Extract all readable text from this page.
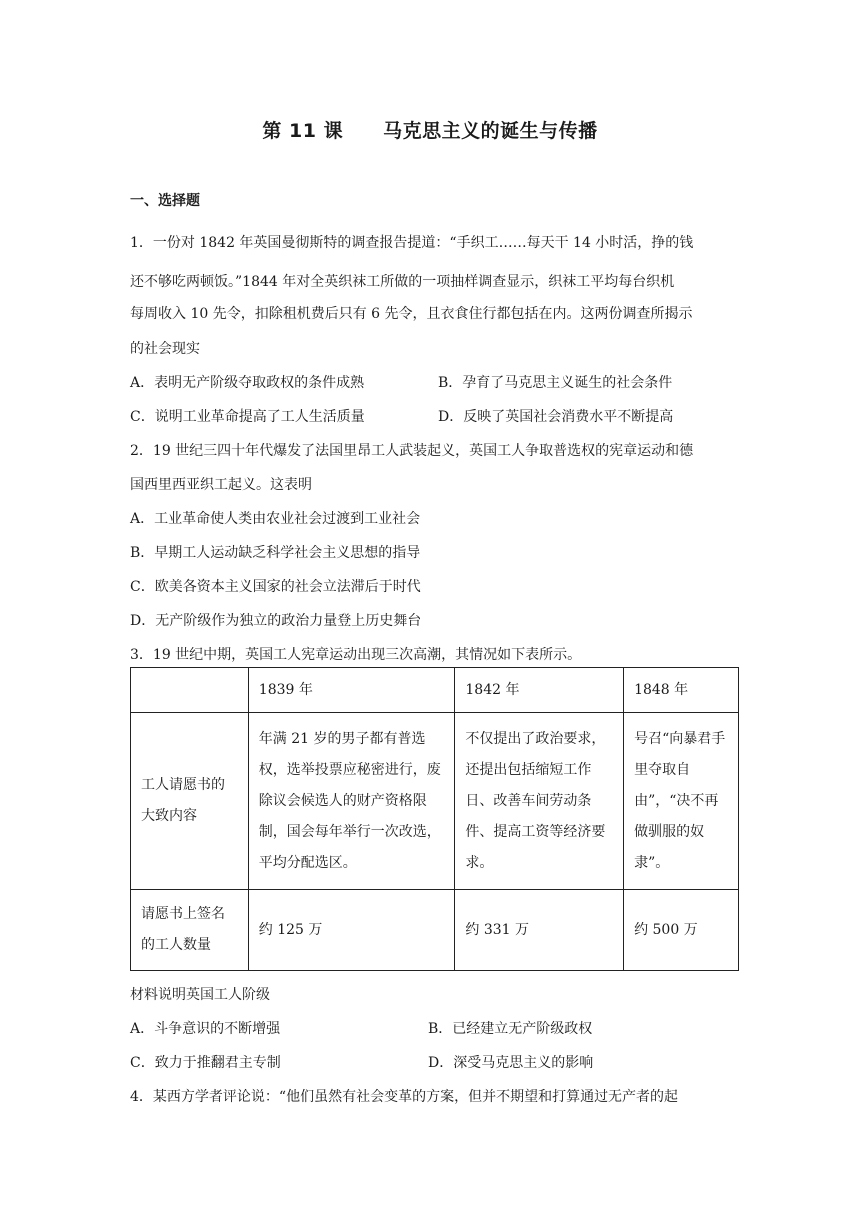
第 11 课 马克思主义的诞生与传播
一、选择题
1．一份对 1842 年英国曼彻斯特的调查报告提道：“手织工……每天干 14 小时活，挣的钱
还不够吃两顿饭。”1844 年对全英织袜工所做的一项抽样调查显示，织袜工平均每台织机
每周收入 10 先令，扣除租机费后只有 6 先令，且衣食住行都包括在内。这两份调查所揭示
的社会现实
A．表明无产阶级夺取政权的条件成熟	B．孕育了马克思主义诞生的社会条件
C．说明工业革命提高了工人生活质量	D．反映了英国社会消费水平不断提高
2．19 世纪三四十年代爆发了法国里昂工人武装起义，英国工人争取普选权的宪章运动和德
国西里西亚织工起义。这表明
A．工业革命使人类由农业社会过渡到工业社会
B．早期工人运动缺乏科学社会主义思想的指导
C．欧美各资本主义国家的社会立法滞后于时代
D．无产阶级作为独立的政治力量登上历史舞台
3．19 世纪中期，英国工人宪章运动出现三次高潮，其情况如下表所示。
	1839 年	1842 年	1848 年
工人请愿书的大致内容	年满 21 岁的男子都有普选权，选举投票应秘密进行，废除议会候选人的财产资格限制，国会每年举行一次改选，平均分配选区。	不仅提出了政治要求，还提出包括缩短工作日、改善车间劳动条件、提高工资等经济要求。	号召“向暴君手里夺取自由”，“决不再做驯服的奴隶”。
请愿书上签名的工人数量	约 125 万	约 331 万	约 500 万
材料说明英国工人阶级
A．斗争意识的不断增强	B．已经建立无产阶级政权
C．致力于推翻君主专制	D．深受马克思主义的影响
4．某西方学者评论说：“他们虽然有社会变革的方案，但并不期望和打算通过无产者的起
